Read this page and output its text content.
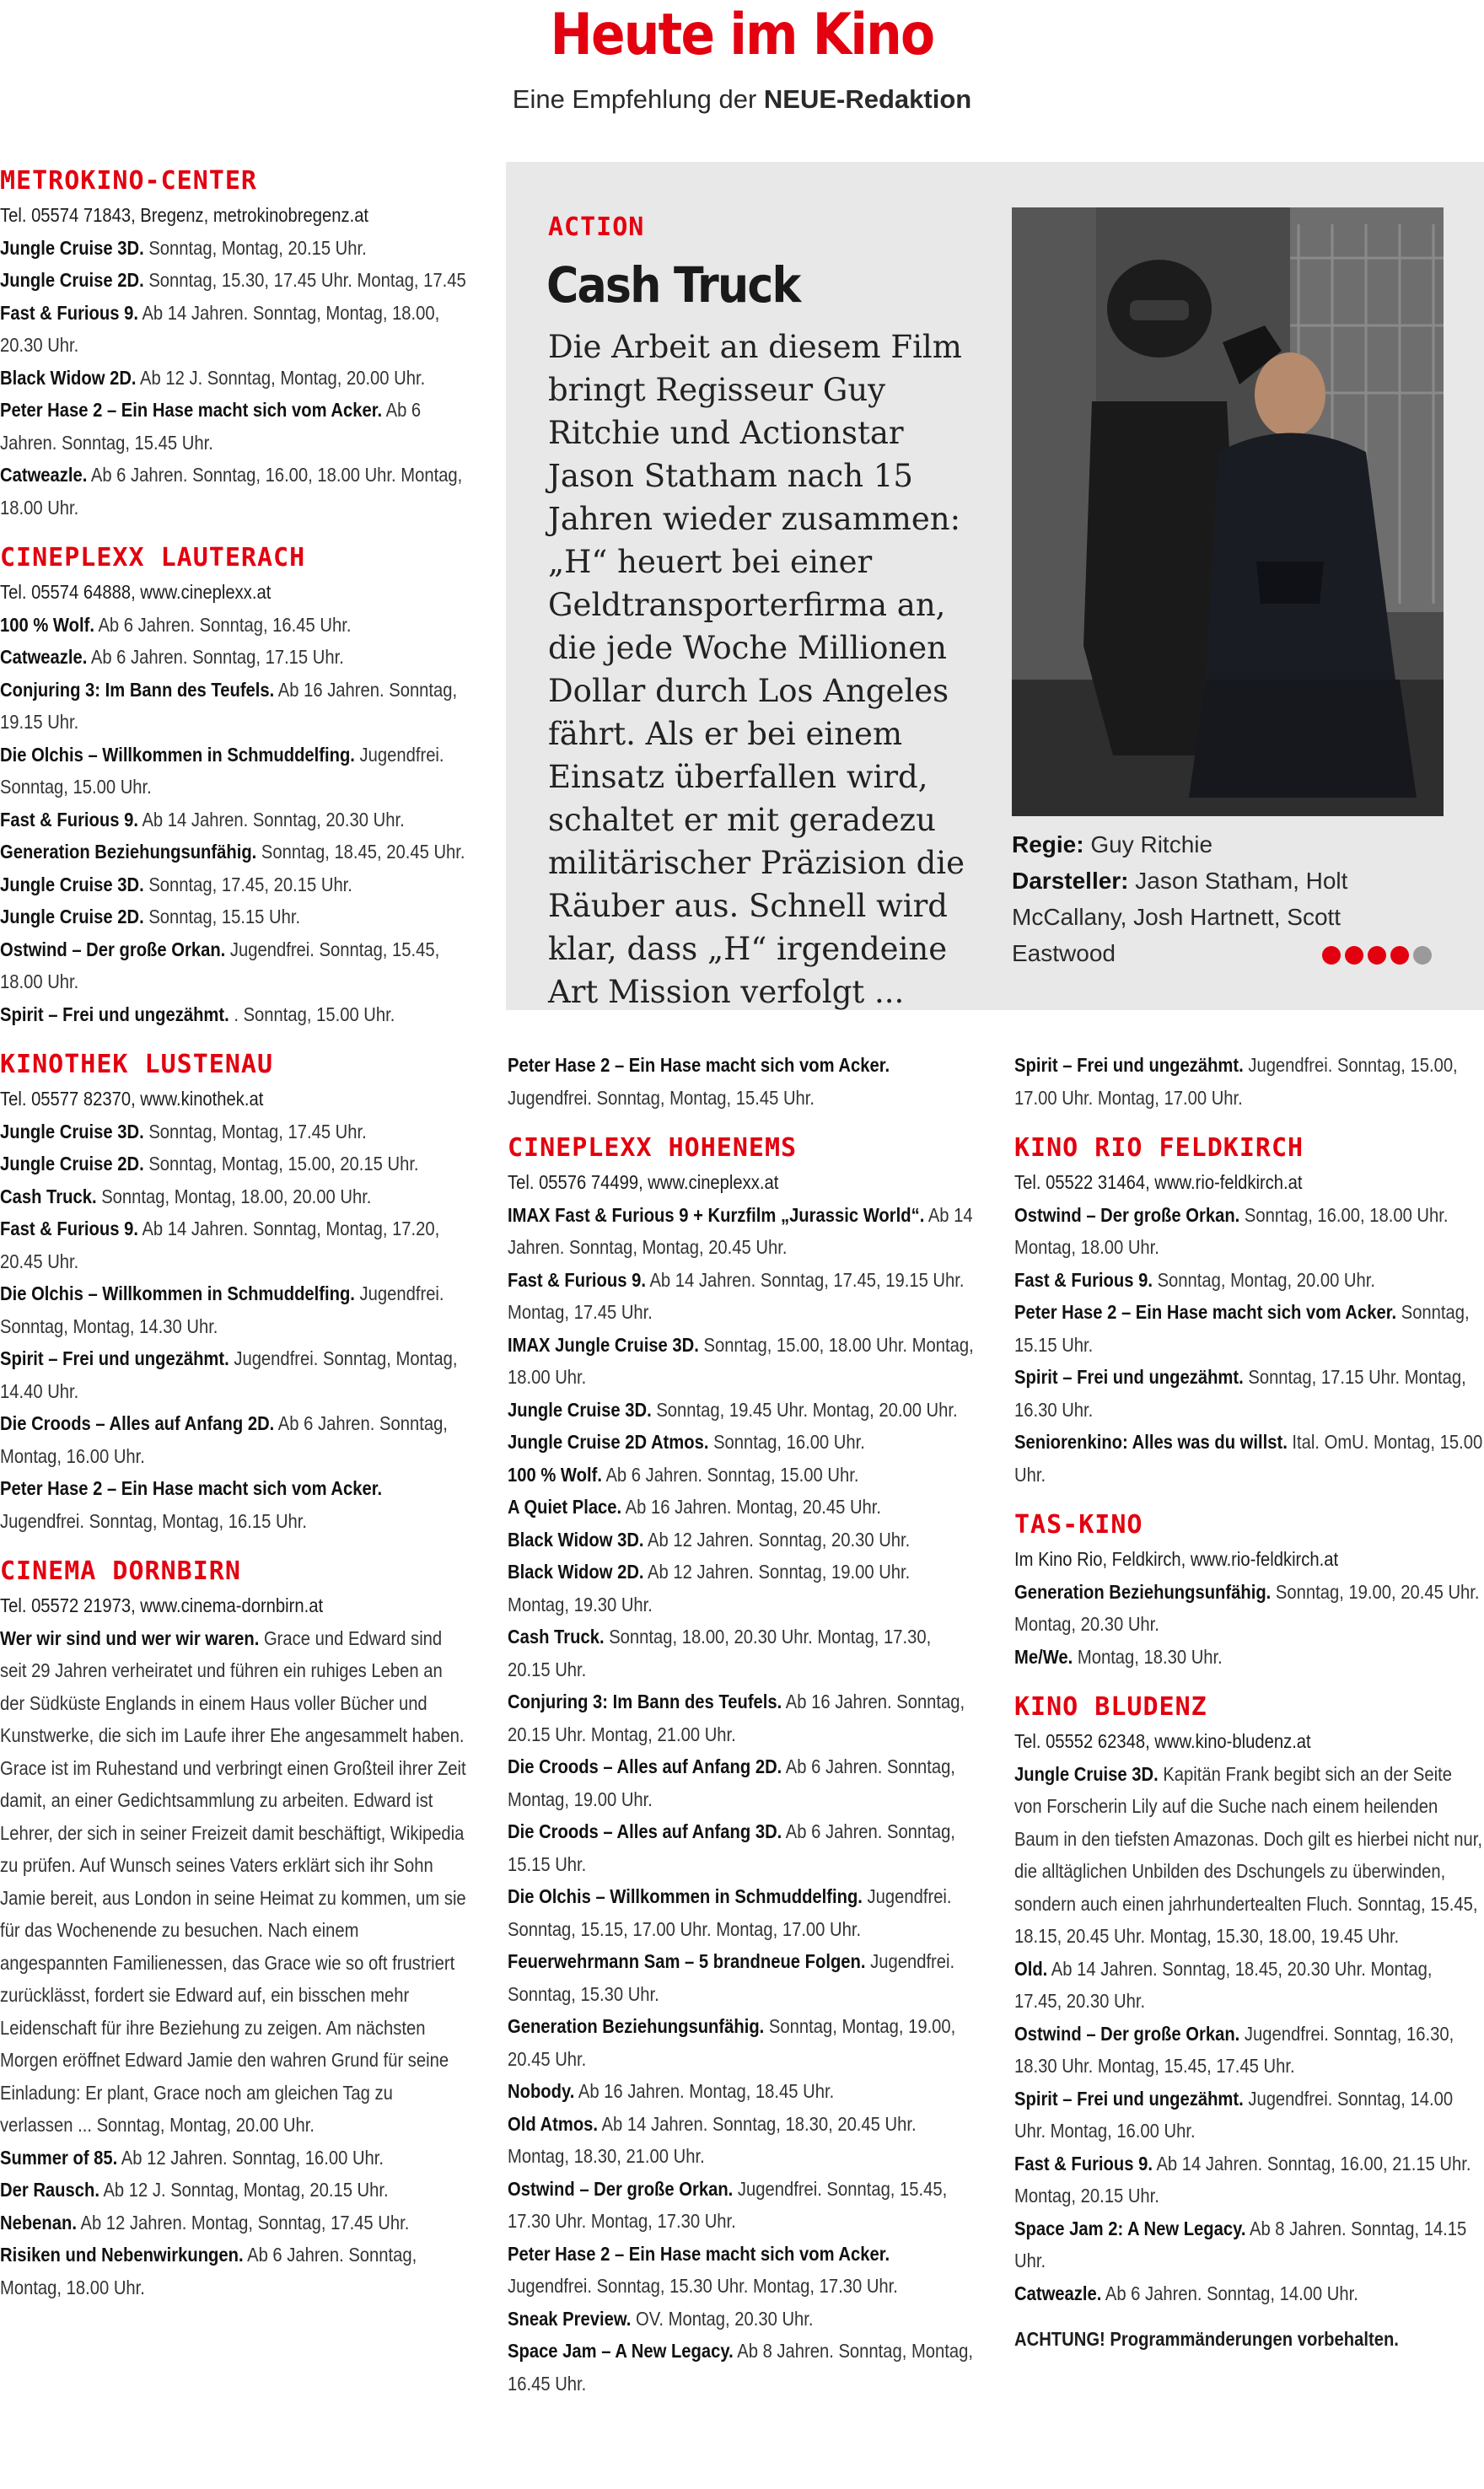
Heute im Kino
Eine Empfehlung der NEUE-Redaktion
METROKINO-CENTER
Tel. 05574 71843, Bregenz, metrokinobregenz.at
Jungle Cruise 3D. Sonntag, Montag, 20.15 Uhr.
Jungle Cruise 2D. Sonntag, 15.30, 17.45 Uhr. Montag, 17.45
Fast & Furious 9. Ab 14 Jahren. Sonntag, Montag, 18.00, 20.30 Uhr.
Black Widow 2D. Ab 12 J. Sonntag, Montag, 20.00 Uhr.
Peter Hase 2 – Ein Hase macht sich vom Acker. Ab 6 Jahren. Sonntag, 15.45 Uhr.
Catweazle. Ab 6 Jahren. Sonntag, 16.00, 18.00 Uhr. Montag, 18.00 Uhr.
CINEPLEXX LAUTERACH
Tel. 05574 64888, www.cineplexx.at
100 % Wolf. Ab 6 Jahren. Sonntag, 16.45 Uhr.
Catweazle. Ab 6 Jahren. Sonntag, 17.15 Uhr.
Conjuring 3: Im Bann des Teufels. Ab 16 Jahren. Sonntag, 19.15 Uhr.
Die Olchis – Willkommen in Schmuddelfing. Jugendfrei. Sonntag, 15.00 Uhr.
Fast & Furious 9. Ab 14 Jahren. Sonntag, 20.30 Uhr.
Generation Beziehungsunfähig. Sonntag, 18.45, 20.45 Uhr.
Jungle Cruise 3D. Sonntag, 17.45, 20.15 Uhr.
Jungle Cruise 2D. Sonntag, 15.15 Uhr.
Ostwind – Der große Orkan. Jugendfrei. Sonntag, 15.45, 18.00 Uhr.
Spirit – Frei und ungezähmt. . Sonntag, 15.00 Uhr.
KINOTHEK LUSTENAU
Tel. 05577 82370, www.kinothek.at
Jungle Cruise 3D. Sonntag, Montag, 17.45 Uhr.
Jungle Cruise 2D. Sonntag, Montag, 15.00, 20.15 Uhr.
Cash Truck. Sonntag, Montag, 18.00, 20.00 Uhr.
Fast & Furious 9. Ab 14 Jahren. Sonntag, Montag, 17.20, 20.45 Uhr.
Die Olchis – Willkommen in Schmuddelfing. Jugendfrei. Sonntag, Montag, 14.30 Uhr.
Spirit – Frei und ungezähmt. Jugendfrei. Sonntag, Montag, 14.40 Uhr.
Die Croods – Alles auf Anfang 2D. Ab 6 Jahren. Sonntag, Montag, 16.00 Uhr.
Peter Hase 2 – Ein Hase macht sich vom Acker. Jugendfrei. Sonntag, Montag, 16.15 Uhr.
CINEMA DORNBIRN
Tel. 05572 21973, www.cinema-dornbirn.at
Wer wir sind und wer wir waren. Grace und Edward sind seit 29 Jahren verheiratet und führen ein ruhiges Leben an der Südküste Englands in einem Haus voller Bücher und Kunstwerke, die sich im Laufe ihrer Ehe angesammelt haben. Grace ist im Ruhestand und verbringt einen Großteil ihrer Zeit damit, an einer Gedichtsammlung zu arbeiten. Edward ist Lehrer, der sich in seiner Freizeit damit beschäftigt, Wikipedia zu prüfen. Auf Wunsch seines Vaters erklärt sich ihr Sohn Jamie bereit, aus London in seine Heimat zu kommen, um sie für das Wochenende zu besuchen. Nach einem angespannten Familienessen, das Grace wie so oft frustriert zurücklässt, fordert sie Edward auf, ein bisschen mehr Leidenschaft für ihre Beziehung zu zeigen. Am nächsten Morgen eröffnet Edward Jamie den wahren Grund für seine Einladung: Er plant, Grace noch am gleichen Tag zu verlassen ... Sonntag, Montag, 20.00 Uhr.
Summer of 85. Ab 12 Jahren. Sonntag, 16.00 Uhr.
Der Rausch. Ab 12 J. Sonntag, Montag, 20.15 Uhr.
Nebenan. Ab 12 Jahren. Montag, Sonntag, 17.45 Uhr.
Risiken und Nebenwirkungen. Ab 6 Jahren. Sonntag, Montag, 18.00 Uhr.
ACTION
Cash Truck
Die Arbeit an diesem Film bringt Regisseur Guy Ritchie und Actionstar Jason Statham nach 15 Jahren wieder zusammen: „H“ heuert bei einer Geldtransporterfirma an, die jede Woche Millionen Dollar durch Los Angeles fährt. Als er bei einem Einsatz überfallen wird, schaltet er mit geradezu militärischer Präzision die Räuber aus. Schnell wird klar, dass „H“ irgendeine Art Mission verfolgt ...
Regie: Guy Ritchie
Darsteller: Jason Statham, Holt McCallany, Josh Hartnett, Scott Eastwood
Peter Hase 2 – Ein Hase macht sich vom Acker. Jugendfrei. Sonntag, Montag, 15.45 Uhr.
CINEPLEXX HOHENEMS
Tel. 05576 74499, www.cineplexx.at
IMAX Fast & Furious 9 + Kurzfilm „Jurassic World“. Ab 14 Jahren. Sonntag, Montag, 20.45 Uhr.
Fast & Furious 9. Ab 14 Jahren. Sonntag, 17.45, 19.15 Uhr. Montag, 17.45 Uhr.
IMAX Jungle Cruise 3D. Sonntag, 15.00, 18.00 Uhr. Montag, 18.00 Uhr.
Jungle Cruise 3D. Sonntag, 19.45 Uhr. Montag, 20.00 Uhr.
Jungle Cruise 2D Atmos. Sonntag, 16.00 Uhr.
100 % Wolf. Ab 6 Jahren. Sonntag, 15.00 Uhr.
A Quiet Place. Ab 16 Jahren. Montag, 20.45 Uhr.
Black Widow 3D. Ab 12 Jahren. Sonntag, 20.30 Uhr.
Black Widow 2D. Ab 12 Jahren. Sonntag, 19.00 Uhr. Montag, 19.30 Uhr.
Cash Truck. Sonntag, 18.00, 20.30 Uhr. Montag, 17.30, 20.15 Uhr.
Conjuring 3: Im Bann des Teufels. Ab 16 Jahren. Sonntag, 20.15 Uhr. Montag, 21.00 Uhr.
Die Croods – Alles auf Anfang 2D. Ab 6 Jahren. Sonntag, Montag, 19.00 Uhr.
Die Croods – Alles auf Anfang 3D. Ab 6 Jahren. Sonntag, 15.15 Uhr.
Die Olchis – Willkommen in Schmuddelfing. Jugendfrei. Sonntag, 15.15, 17.00 Uhr. Montag, 17.00 Uhr.
Feuerwehrmann Sam – 5 brandneue Folgen. Jugendfrei. Sonntag, 15.30 Uhr.
Generation Beziehungsunfähig. Sonntag, Montag, 19.00, 20.45 Uhr.
Nobody. Ab 16 Jahren. Montag, 18.45 Uhr.
Old Atmos. Ab 14 Jahren. Sonntag, 18.30, 20.45 Uhr. Montag, 18.30, 21.00 Uhr.
Ostwind – Der große Orkan. Jugendfrei. Sonntag, 15.45, 17.30 Uhr. Montag, 17.30 Uhr.
Peter Hase 2 – Ein Hase macht sich vom Acker. Jugendfrei. Sonntag, 15.30 Uhr. Montag, 17.30 Uhr.
Sneak Preview. OV. Montag, 20.30 Uhr.
Space Jam – A New Legacy. Ab 8 Jahren. Sonntag, Montag, 16.45 Uhr.
Spirit – Frei und ungezähmt. Jugendfrei. Sonntag, 15.00, 17.00 Uhr. Montag, 17.00 Uhr.
KINO RIO FELDKIRCH
Tel. 05522 31464, www.rio-feldkirch.at
Ostwind – Der große Orkan. Sonntag, 16.00, 18.00 Uhr. Montag, 18.00 Uhr.
Fast & Furious 9. Sonntag, Montag, 20.00 Uhr.
Peter Hase 2 – Ein Hase macht sich vom Acker. Sonntag, 15.15 Uhr.
Spirit – Frei und ungezähmt. Sonntag, 17.15 Uhr. Montag, 16.30 Uhr.
Seniorenkino: Alles was du willst. Ital. OmU. Montag, 15.00 Uhr.
TAS-KINO
Im Kino Rio, Feldkirch, www.rio-feldkirch.at
Generation Beziehungsunfähig. Sonntag, 19.00, 20.45 Uhr. Montag, 20.30 Uhr.
Me/We. Montag, 18.30 Uhr.
KINO BLUDENZ
Tel. 05552 62348, www.kino-bludenz.at
Jungle Cruise 3D. Kapitän Frank begibt sich an der Seite von Forscherin Lily auf die Suche nach einem heilenden Baum in den tiefsten Amazonas. Doch gilt es hierbei nicht nur, die alltäglichen Unbilden des Dschungels zu überwinden, sondern auch einen jahrhundertealten Fluch. Sonntag, 15.45, 18.15, 20.45 Uhr. Montag, 15.30, 18.00, 19.45 Uhr.
Old. Ab 14 Jahren. Sonntag, 18.45, 20.30 Uhr. Montag, 17.45, 20.30 Uhr.
Ostwind – Der große Orkan. Jugendfrei. Sonntag, 16.30, 18.30 Uhr. Montag, 15.45, 17.45 Uhr.
Spirit – Frei und ungezähmt. Jugendfrei. Sonntag, 14.00 Uhr. Montag, 16.00 Uhr.
Fast & Furious 9. Ab 14 Jahren. Sonntag, 16.00, 21.15 Uhr. Montag, 20.15 Uhr.
Space Jam 2: A New Legacy. Ab 8 Jahren. Sonntag, 14.15 Uhr.
Catweazle. Ab 6 Jahren. Sonntag, 14.00 Uhr.
ACHTUNG! Programmänderungen vorbehalten.
